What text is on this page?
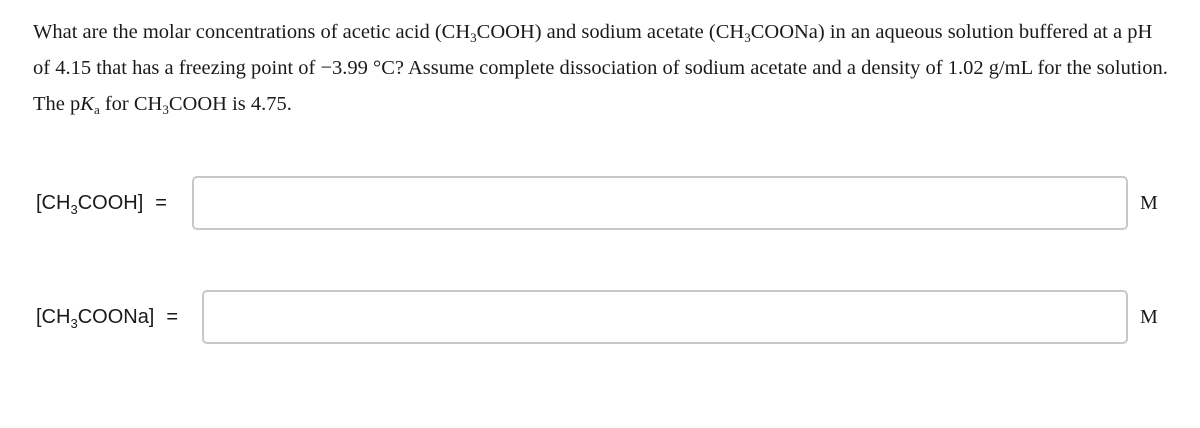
What are the molar concentrations of acetic acid $(CH_3COOH)$ and sodium acetate $(CH_3COONa)$ in an aqueous solution buffered at a pH of 4.15 that has a freezing point of −3.99 °C? Assume complete dissociation of sodium acetate and a density of 1.02 g/mL for the solution. The $pK_a$ for $CH_3COOH$ is 4.75.

$[CH_3COOH]$ =	M
$[CH_3COONa]$ =	M
